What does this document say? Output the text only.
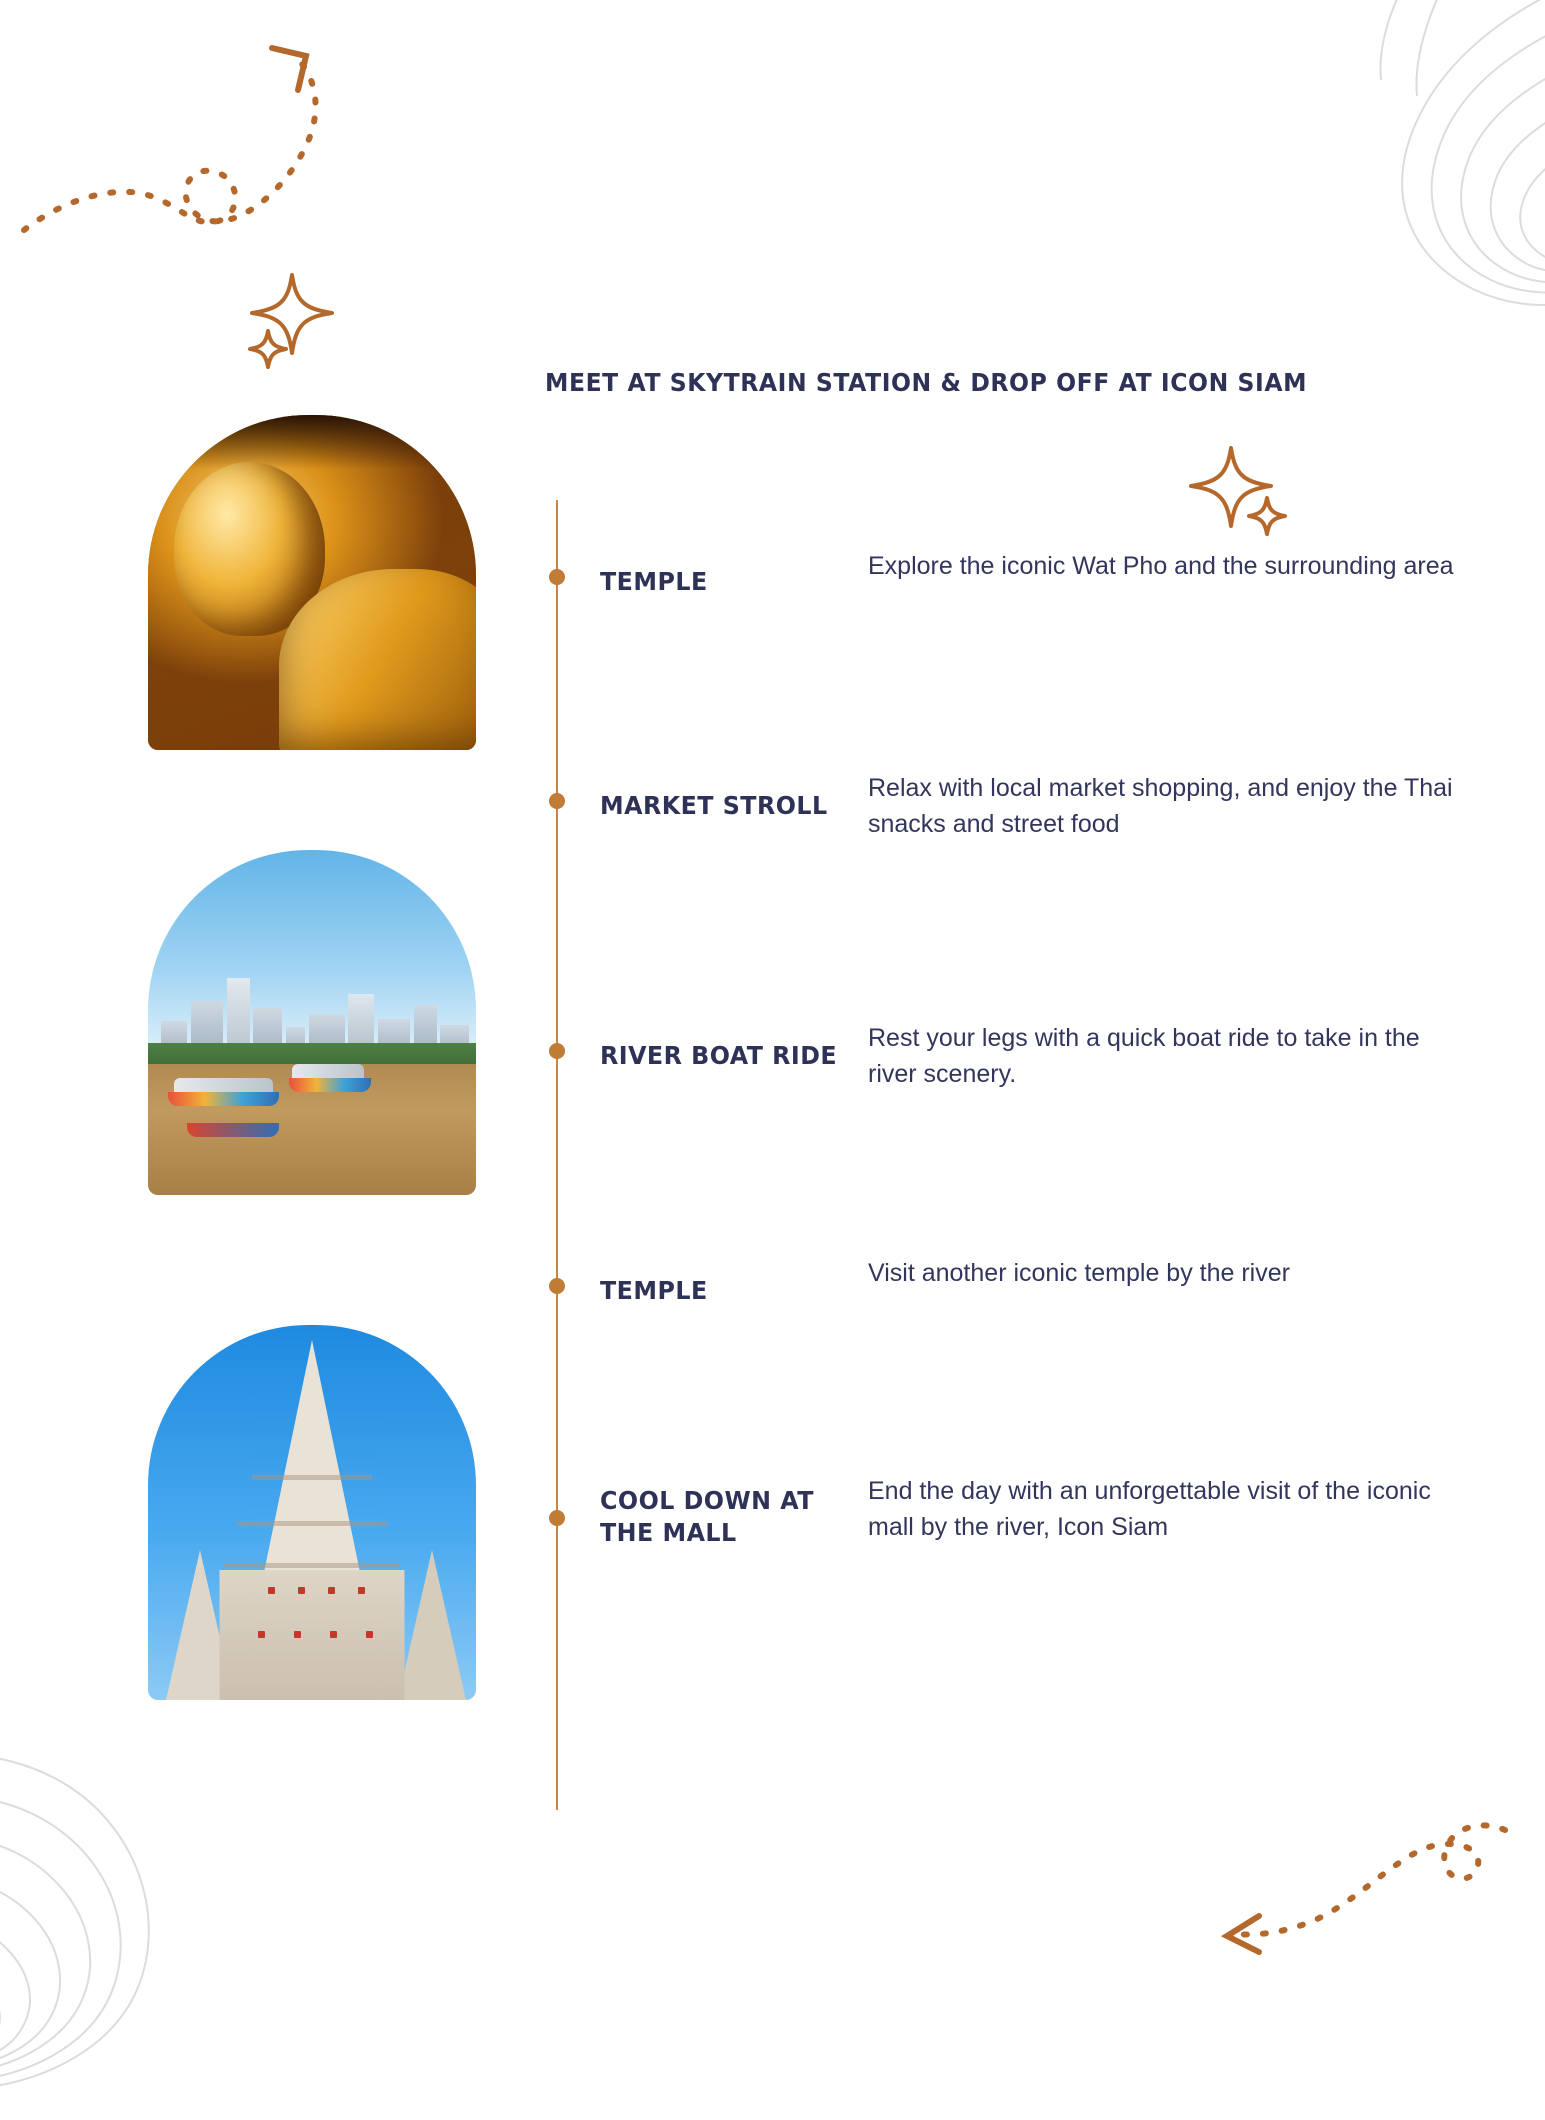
MEET AT SKYTRAIN STATION & DROP OFF AT ICON SIAM
TEMPLE
Explore the iconic Wat Pho and the surrounding area
MARKET STROLL
Relax with local market shopping, and enjoy the Thai snacks and street food
RIVER BOAT RIDE
Rest your legs with a quick boat ride to take in the river scenery.
TEMPLE
Visit another iconic temple by the river
COOL DOWN AT THE MALL
End the day with an unforgettable visit of the iconic mall by the river, Icon Siam
